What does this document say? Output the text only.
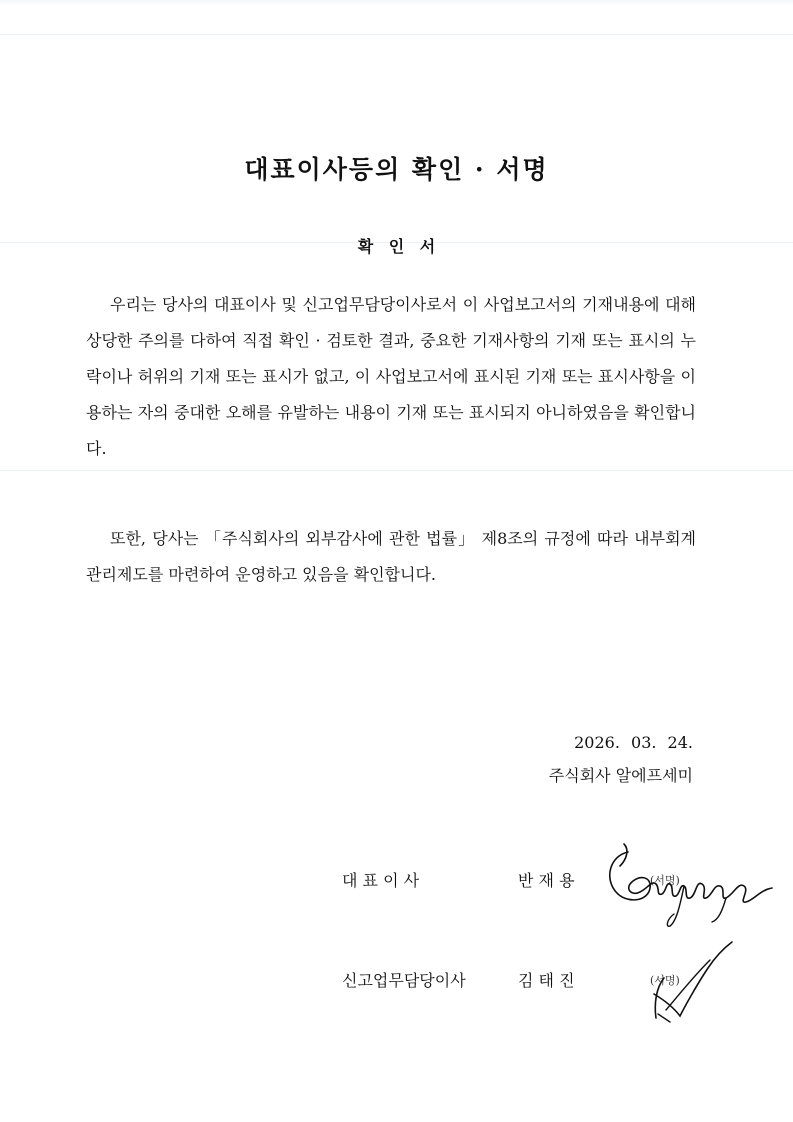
대표이사등의 확인 · 서명
확 인 서

우리는 당사의 대표이사 및 신고업무담당이사로서 이 사업보고서의 기재내용에 대해 상당한 주의를 다하여 직접 확인 · 검토한 결과, 중요한 기재사항의 기재 또는 표시의 누락이나 허위의 기재 또는 표시가 없고, 이 사업보고서에 표시된 기재 또는 표시사항을 이용하는 자의 중대한 오해를 유발하는 내용이 기재 또는 표시되지 아니하였음을 확인합니다.

또한, 당사는 「주식회사의 외부감사에 관한 법률」 제8조의 규정에 따라 내부회계관리제도를 마련하여 운영하고 있음을 확인합니다.

2026. 03. 24.
주식회사 알에프세미
대 표 이 사	반 재 용	(서명)
신고업무담당이사	김 태 진	(서명)
